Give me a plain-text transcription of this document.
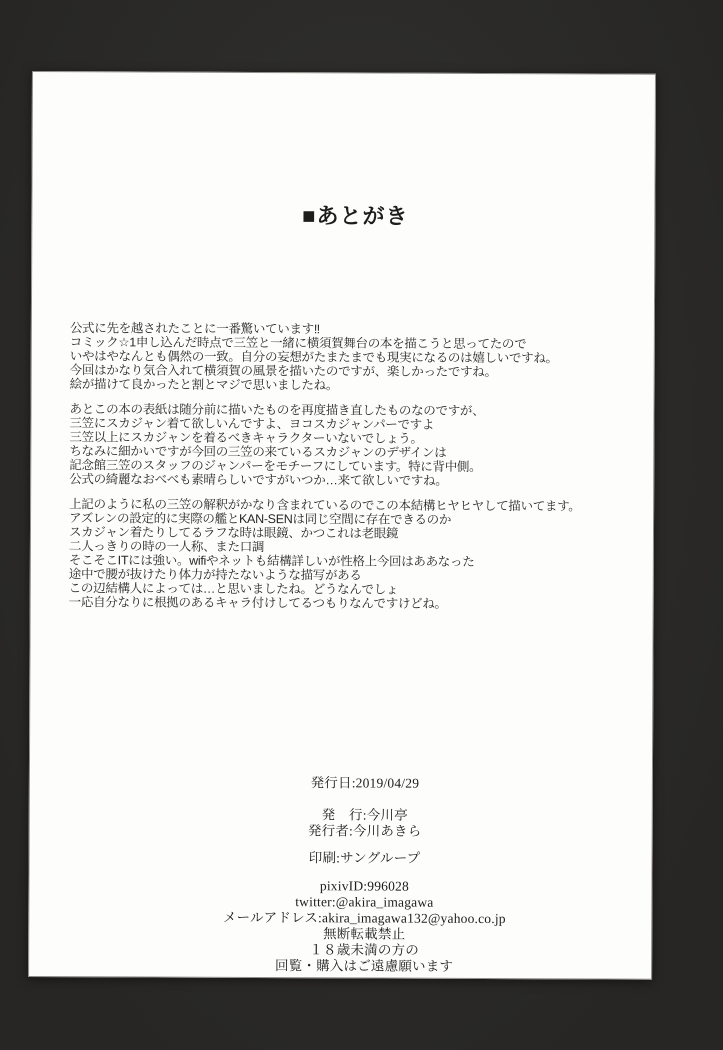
■あとがき
公式に先を越されたことに一番驚いています‼
コミック☆1申し込んだ時点で三笠と一緒に横須賀舞台の本を描こうと思ってたので
いやはやなんとも偶然の一致。自分の妄想がたまたまでも現実になるのは嬉しいですね。
今回はかなり気合入れて横須賀の風景を描いたのですが、楽しかったですね。
絵が描けて良かったと割とマジで思いましたね。
あとこの本の表紙は随分前に描いたものを再度描き直したものなのですが、
三笠にスカジャン着て欲しいんですよ、ヨコスカジャンパーですよ
三笠以上にスカジャンを着るべきキャラクターいないでしょう。
ちなみに細かいですが今回の三笠の来ているスカジャンのデザインは
記念館三笠のスタッフのジャンパーをモチーフにしています。特に背中側。
公式の綺麗なおべべも素晴らしいですがいつか…来て欲しいですね。
上記のように私の三笠の解釈がかなり含まれているのでこの本結構ヒヤヒヤして描いてます。
アズレンの設定的に実際の艦とKAN-SENは同じ空間に存在できるのか
スカジャン着たりしてるラフな時は眼鏡、かつこれは老眼鏡
二人っきりの時の一人称、また口調
そこそこITには強い。wifiやネットも結構詳しいが性格上今回はああなった
途中で腰が抜けたり体力が持たないような描写がある
この辺結構人によっては…と思いましたね。どうなんでしょ
一応自分なりに根拠のあるキャラ付けしてるつもりなんですけどね。
発行日:2019/04/29
発　行:今川亭
発行者:今川あきら
印刷:サングループ
pixivID:996028
twitter:@akira_imagawa
メールアドレス:akira_imagawa132@yahoo.co.jp
無断転載禁止
１８歳未満の方の
回覧・購入はご遠慮願います
